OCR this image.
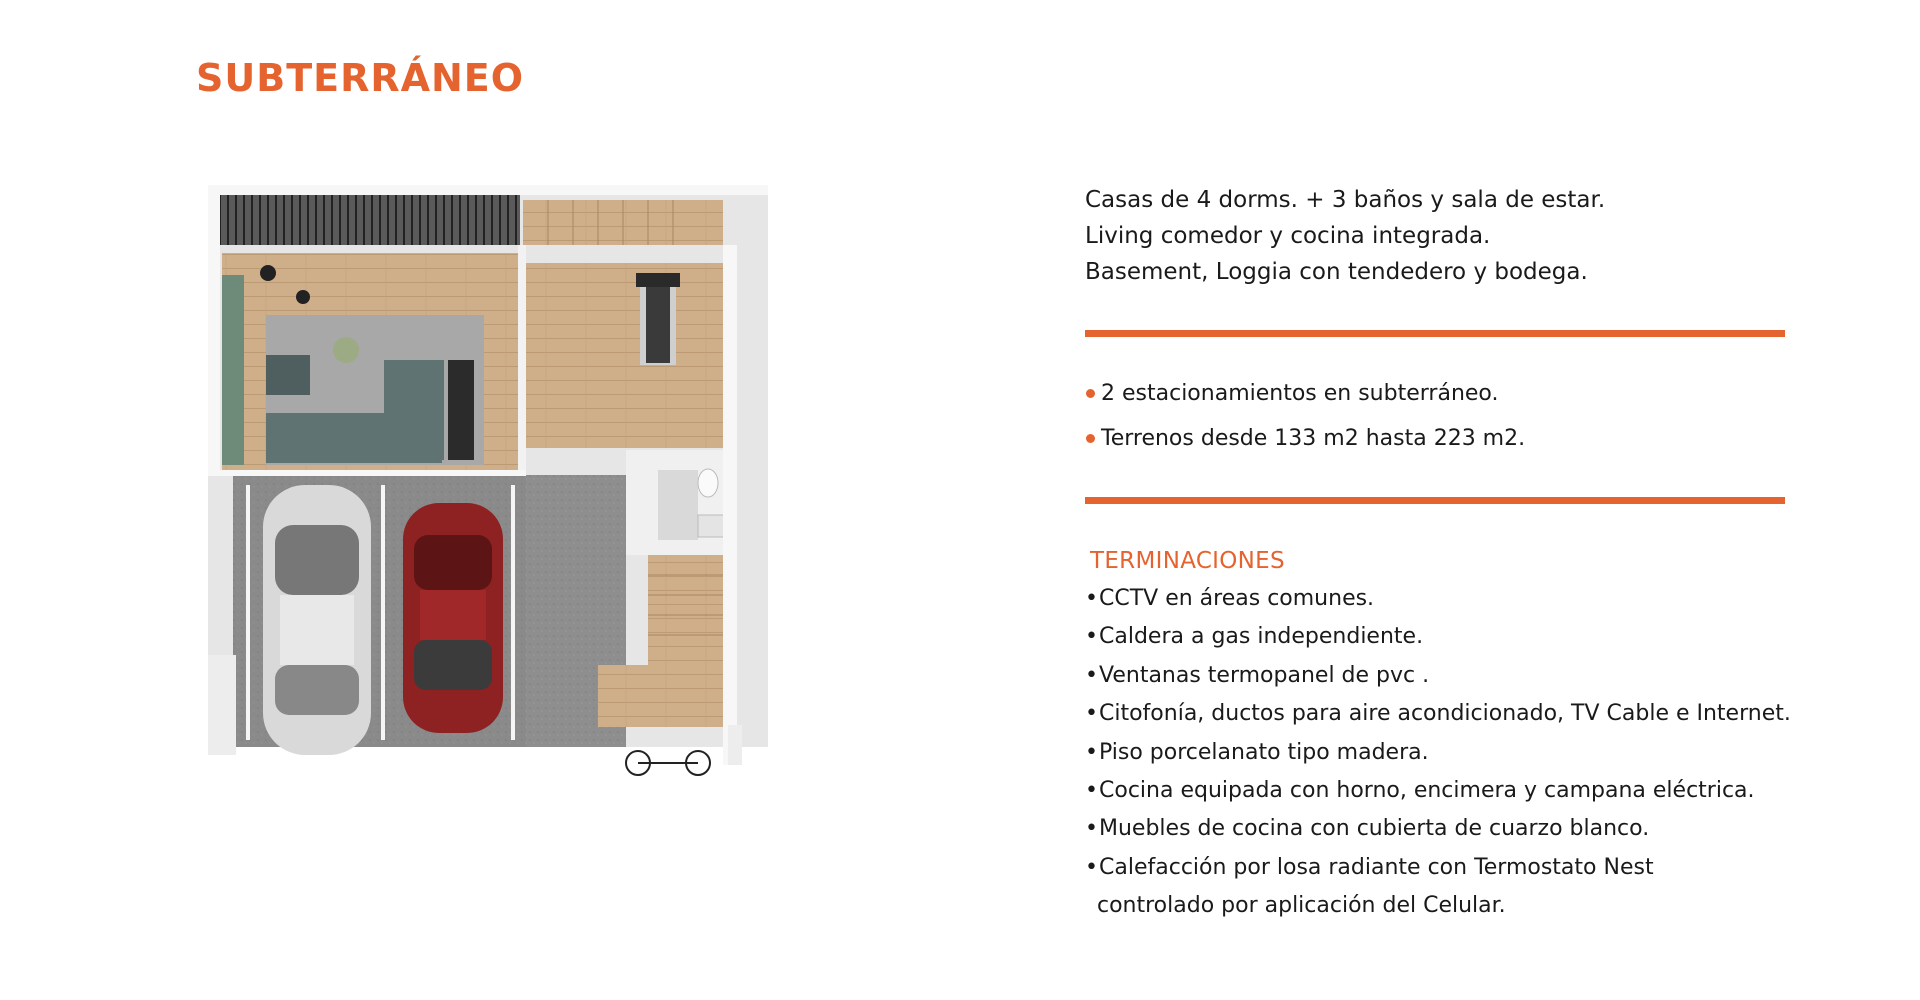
SUBTERRÁNEO

Casas de 4 dorms. + 3 baños y sala de estar.

Living comedor y cocina integrada.

Basement, Loggia con tendedero y bodega.

2 estacionamientos en subterráneo.
Terrenos desde 133 m2 hasta 223 m2.
TERMINACIONES
•CCTV en áreas comunes.
•Caldera a gas independiente.
•Ventanas termopanel de pvc .
•Citofonía, ductos para aire acondicionado, TV Cable e Internet.
•Piso porcelanato tipo madera.
•Cocina equipada con horno, encimera y campana eléctrica.
•Muebles de cocina con cubierta de cuarzo blanco.
•Calefacción por losa radiante con Termostato Nest
controlado por aplicación del Celular.
